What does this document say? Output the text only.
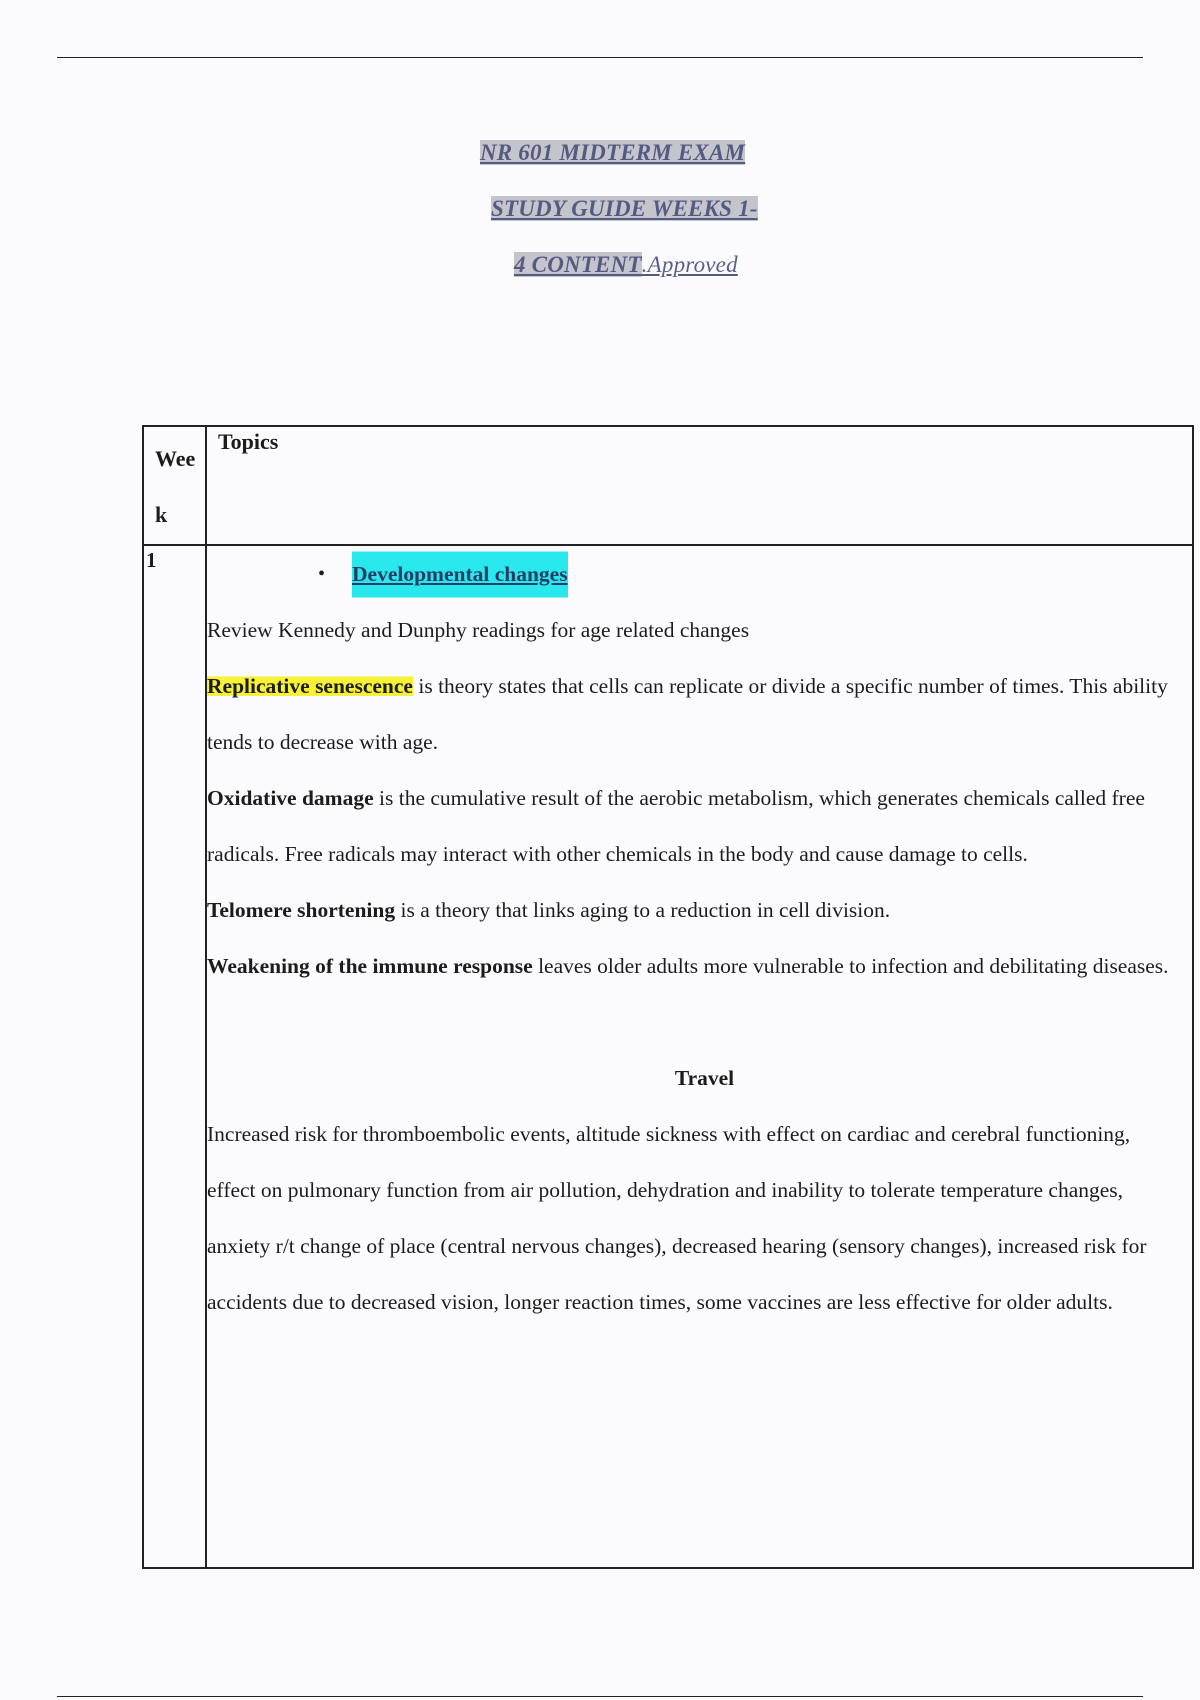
NR 601 MIDTERM EXAM
STUDY GUIDE WEEKS 1-
4 CONTENT.Approved
Wee
k
Topics
1
• Developmental changes

Review Kennedy and Dunphy readings for age related changes

Replicative senescence is theory states that cells can replicate or divide a specific number of times. This ability tends to decrease with age.

Oxidative damage is the cumulative result of the aerobic metabolism, which generates chemicals called free radicals. Free radicals may interact with other chemicals in the body and cause damage to cells.

Telomere shortening is a theory that links aging to a reduction in cell division.

Weakening of the immune response leaves older adults more vulnerable to infection and debilitating diseases.

Travel

Increased risk for thromboembolic events, altitude sickness with effect on cardiac and cerebral functioning, effect on pulmonary function from air pollution, dehydration and inability to tolerate temperature changes, anxiety r/t change of place (central nervous changes), decreased hearing (sensory changes), increased risk for accidents due to decreased vision, longer reaction times, some vaccines are less effective for older adults.
